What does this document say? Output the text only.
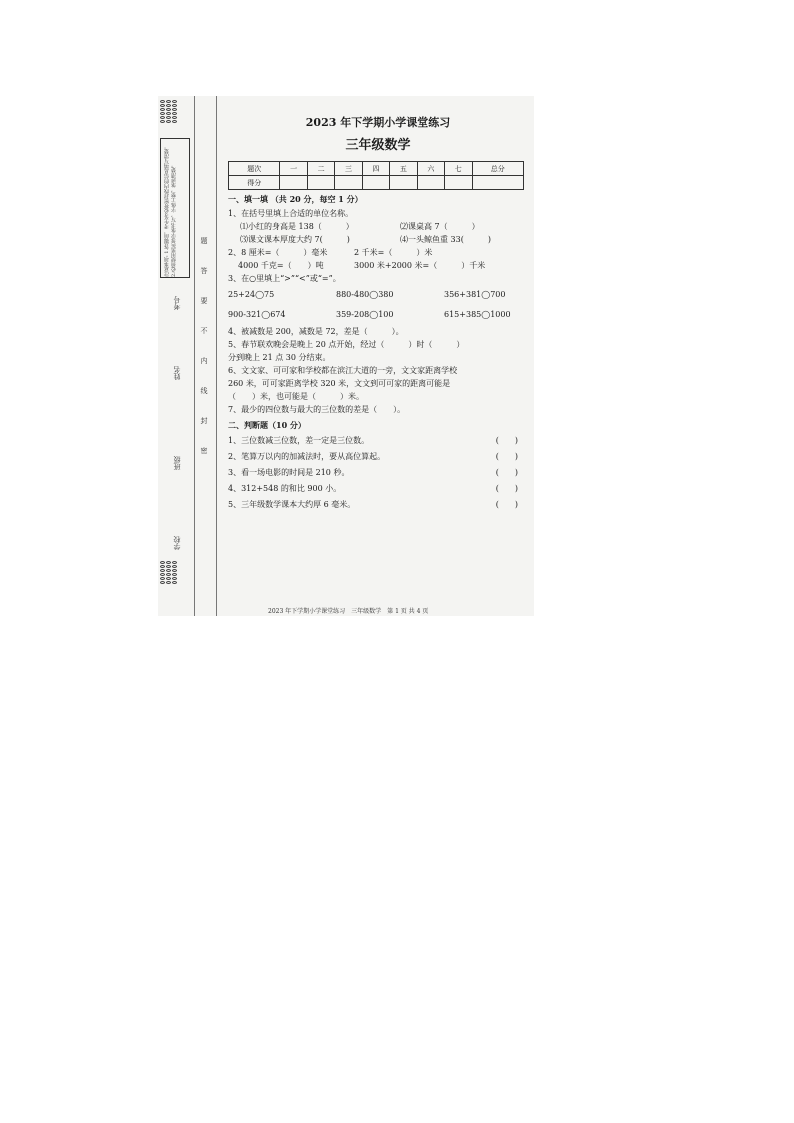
注意事项: 1.答题前，考生务必将密封线内的信息填写清楚。 2.必须使用黑色签字笔书写，字体工整，笔迹清楚。
学校
班级
姓名
考号
题
答
要
不
内
线
封
密
2023 年下学期小学课堂练习
三年级数学
题次	一	二	三	四	五	六	七	总分
得分								
一、填一填 （共 20 分，每空 1 分）

1、在括号里填上合适的单位名称。

⑴小红的身高是 138（　　　）	⑵课桌高 7（　　　）
⑶课文课本厚度大约 7(　　　)	⑷一头鲸鱼重 33(　　　)
2、8 厘米=（　　　）毫米	2 千米=（　　　）米
4000 千克=（　　）吨	3000 米+2000 米=（　　　）千米

3、在○里填上“>”“<”或“=”。

25+24◯75	880-480◯380	356+381◯700
900-321◯674	359-208◯100	615+385◯1000

4、被减数是 200，减数是 72，差是（　　　）。

5、春节联欢晚会是晚上 20 点开始，经过（　　　）时（　　　）

分到晚上 21 点 30 分结束。

6、文文家、可可家和学校都在滨江大道的一旁，文文家距离学校

260 米，可可家距离学校 320 米，文文到可可家的距离可能是

（　　）米，也可能是（　　　）米。

7、最少的四位数与最大的三位数的差是（　　）。

二、判断题（10 分）
1、三位数减三位数，差一定是三位数。	(　　)
2、笔算万以内的加减法时，要从高位算起。	(　　)
3、看一场电影的时间是 210 秒。	(　　)
4、312+548 的和比 900 小。	(　　)
5、三年级数学课本大约厚 6 毫米。	(　　)
2023 年下学期小学课堂练习　三年级数学　第 1 页 共 4 页
